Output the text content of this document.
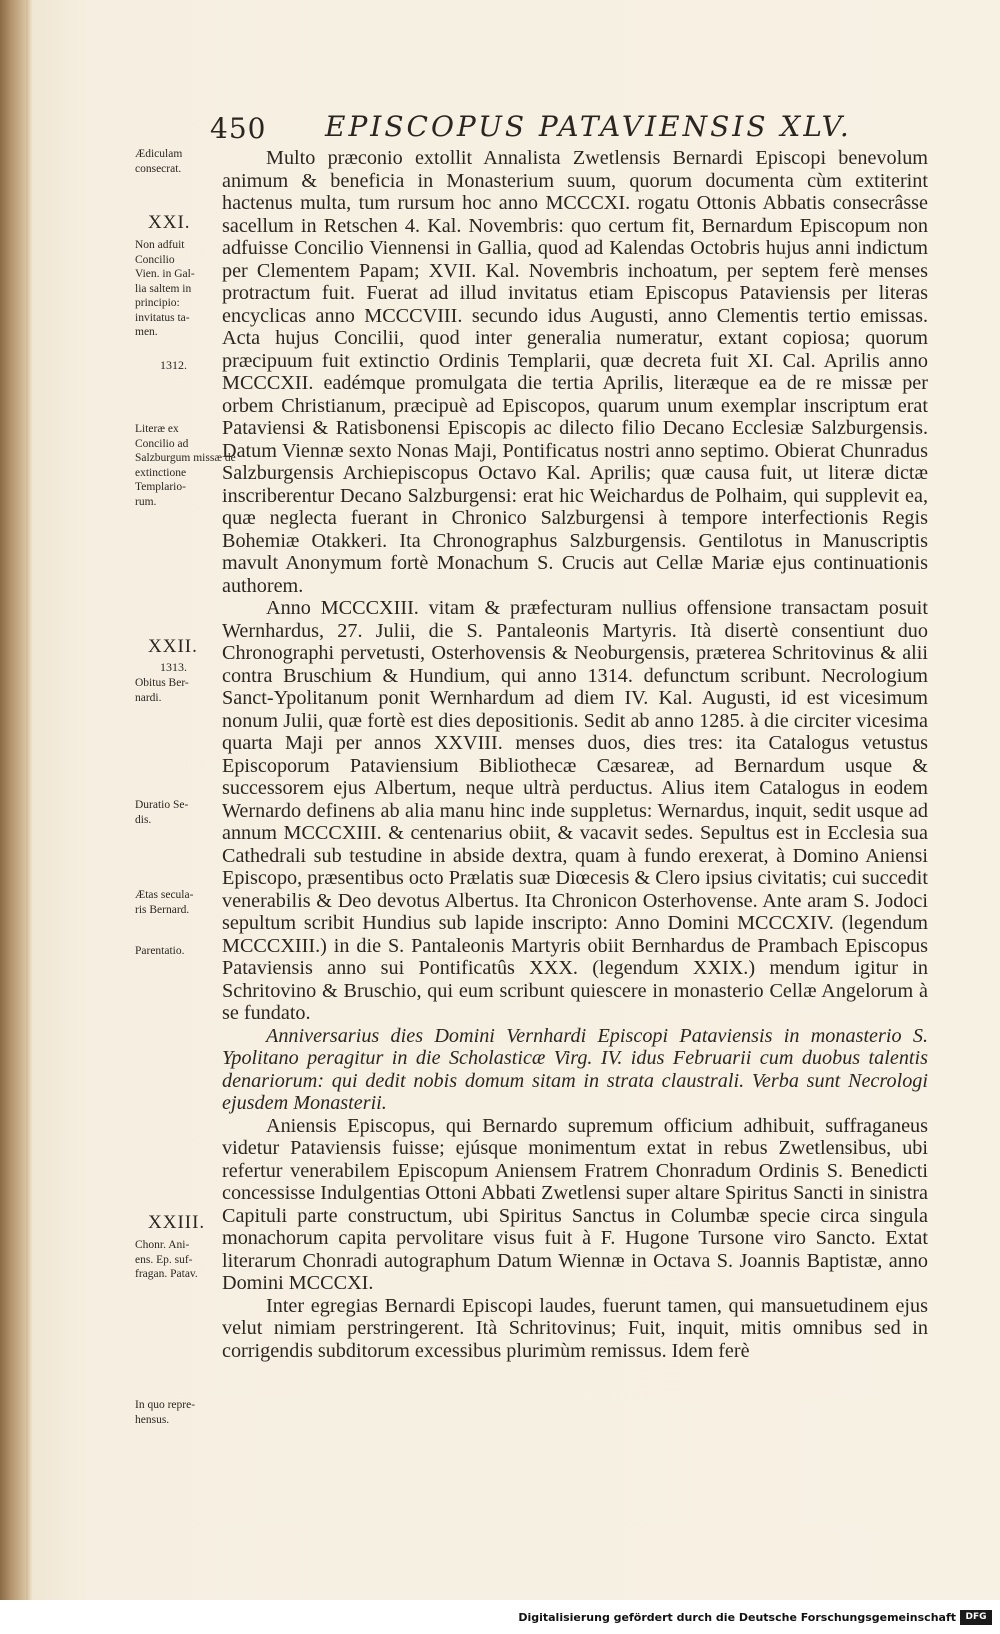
450 EPISCOPUS PATAVIENSIS XLV.

Multo præconio extollit Annalista Zwetlensis Bernardi Episcopi benevolum animum & beneficia in Monasterium suum, quorum documenta cùm extiterint hactenus multa, tum rursum hoc anno MCCCXI. rogatu Ottonis Abbatis consecrâsse sacellum in Retschen 4. Kal. Novembris: quo certum fit, Bernardum Episcopum non adfuisse Concilio Viennensi in Gallia, quod ad Kalendas Octobris hujus anni indictum per Clementem Papam; XVII. Kal. Novembris inchoatum, per septem ferè menses protractum fuit. Fuerat ad illud invitatus etiam Episcopus Pataviensis per literas encyclicas anno MCCCVIII. secundo idus Augusti, anno Clementis tertio emissas. Acta hujus Concilii, quod inter generalia numeratur, extant copiosa; quorum præcipuum fuit extinctio Ordinis Templarii, quæ decreta fuit XI. Cal. Aprilis anno MCCCXII. eadémque promulgata die tertia Aprilis, literæque ea de re missæ per orbem Christianum, præcipuè ad Episcopos, quarum unum exemplar inscriptum erat Pataviensi & Ratisbonensi Episcopis ac dilecto filio Decano Ecclesiæ Salzburgensis. Datum Viennæ sexto Nonas Maji, Pontificatus nostri anno septimo. Obierat Chunradus Salzburgensis Archiepiscopus Octavo Kal. Aprilis; quæ causa fuit, ut literæ dictæ inscriberentur Decano Salzburgensi: erat hic Weichardus de Polhaim, qui supplevit ea, quæ neglecta fuerant in Chronico Salzburgensi à tempore interfectionis Regis Bohemiæ Otakkeri. Ita Chronographus Salzburgensis. Gentilotus in Manuscriptis mavult Anonymum fortè Monachum S. Crucis aut Cellæ Mariæ ejus continuationis authorem.

Anno MCCCXIII. vitam & præfecturam nullius offensione transactam posuit Wernhardus, 27. Julii, die S. Pantaleonis Martyris. Ità disertè consentiunt duo Chronographi pervetusti, Osterhovensis & Neoburgensis, præterea Schritovinus & alii contra Bruschium & Hundium, qui anno 1314. defunctum scribunt. Necrologium Sanct-Ypolitanum ponit Wernhardum ad diem IV. Kal. Augusti, id est vicesimum nonum Julii, quæ fortè est dies depositionis. Sedit ab anno 1285. à die circiter vicesima quarta Maji per annos XXVIII. menses duos, dies tres: ita Catalogus vetustus Episcoporum Pataviensium Bibliothecæ Cæsareæ, ad Bernardum usque & successorem ejus Albertum, neque ultrà perductus. Alius item Catalogus in eodem Wernardo definens ab alia manu hinc inde suppletus: Wernardus, inquit, sedit usque ad annum MCCCXIII. & centenarius obiit, & vacavit sedes. Sepultus est in Ecclesia sua Cathedrali sub testudine in absidе dextra, quam à fundo erexerat, à Domino Aniensi Episcopo, præsentibus octo Prælatis suæ Diœcesis & Clero ipsius civitatis; cui succedit venerabilis & Deo devotus Albertus. Ita Chronicon Osterhovense. Ante aram S. Jodoci sepultum scribit Hundius sub lapide inscripto: Anno Domini MCCCXIV. (legendum MCCCXIII.) in die S. Pantaleonis Martyris obiit Bernhardus de Prambach Episcopus Pataviensis anno sui Pontificatûs XXX. (legendum XXIX.) mendum igitur in Schritovino & Bruschio, qui eum scribunt quiescere in monasterio Cellæ Angelorum à se fundato.

Anniversarius dies Domini Vernhardi Episcopi Pataviensis in monasterio S. Ypolitano peragitur in die Scholasticæ Virg. IV. idus Februarii cum duobus talentis denariorum: qui dedit nobis domum sitam in strata claustrali. Verba sunt Necrologi ejusdem Monasterii.

Aniensis Episcopus, qui Bernardo supremum officium adhibuit, suffraganeus videtur Pataviensis fuisse; ejúsque monimentum extat in rebus Zwetlensibus, ubi refertur venerabilem Episcopum Aniensem Fratrem Chonradum Ordinis S. Benedicti concessisse Indulgentias Ottoni Abbati Zwetlensi super altare Spiritus Sancti in sinistra Capituli parte constructum, ubi Spiritus Sanctus in Columbæ specie circa singula monachorum capita pervolitare visus fuit à F. Hugone Tursone viro Sancto. Extat literarum Chonradi autographum Datum Wiennæ in Octava S. Joannis Baptistæ, anno Domini MCCCXI.

Inter egregias Bernardi Episcopi laudes, fuerunt tamen, qui mansuetudinem ejus velut nimiam perstringerent. Ità Schritovinus; Fuit, inquit, mitis omnibus sed in corrigendis subditorum excessibus plurimùm remissus. Idem ferè

Ædiculam
consecrat.
XXI.
Non adfuit
Concilio
Vien. in Gal-
lia saltem in
principio:
invitatus ta-
men.
1312.
Literæ ex
Concilio ad
Salzburgum missæ
extinctione
Templario-
rum.
XXII.
1313.
Obitus Ber-
nardi.
Duratio Se-
dis.
Ætas secula-
ris Bernard.
Parentatio.
XXIII.
Chonr. Ani-
ens. Ep. suf-
fragan. Patav.
In quo repre-
hensus.
Digitalisierung gefördert durch die Deutsche Forschungsgemeinschaft	DFG
